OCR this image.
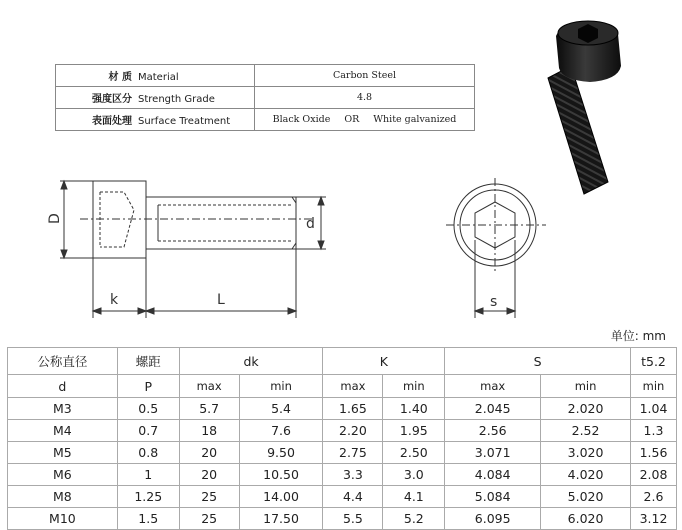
材 质 Material	Carbon Steel
强度区分 Strength Grade	4.8
表面处理 Surface Treatment	Black Oxide OR White galvanized
D	d
k	L	s
单位: mm
公称直径	螺距	dk		K		S		t5.2
d	P	max	min	max	min	max	min	min
M3	0.5	5.7	5.4	1.65	1.40	2.045	2.020	1.04
M4	0.7	18	7.6	2.20	1.95	2.56	2.52	1.3
M5	0.8	20	9.50	2.75	2.50	3.071	3.020	1.56
M6	1	20	10.50	3.3	3.0	4.084	4.020	2.08
M8	1.25	25	14.00	4.4	4.1	5.084	5.020	2.6
M10	1.5	25	17.50	5.5	5.2	6.095	6.020	3.12
